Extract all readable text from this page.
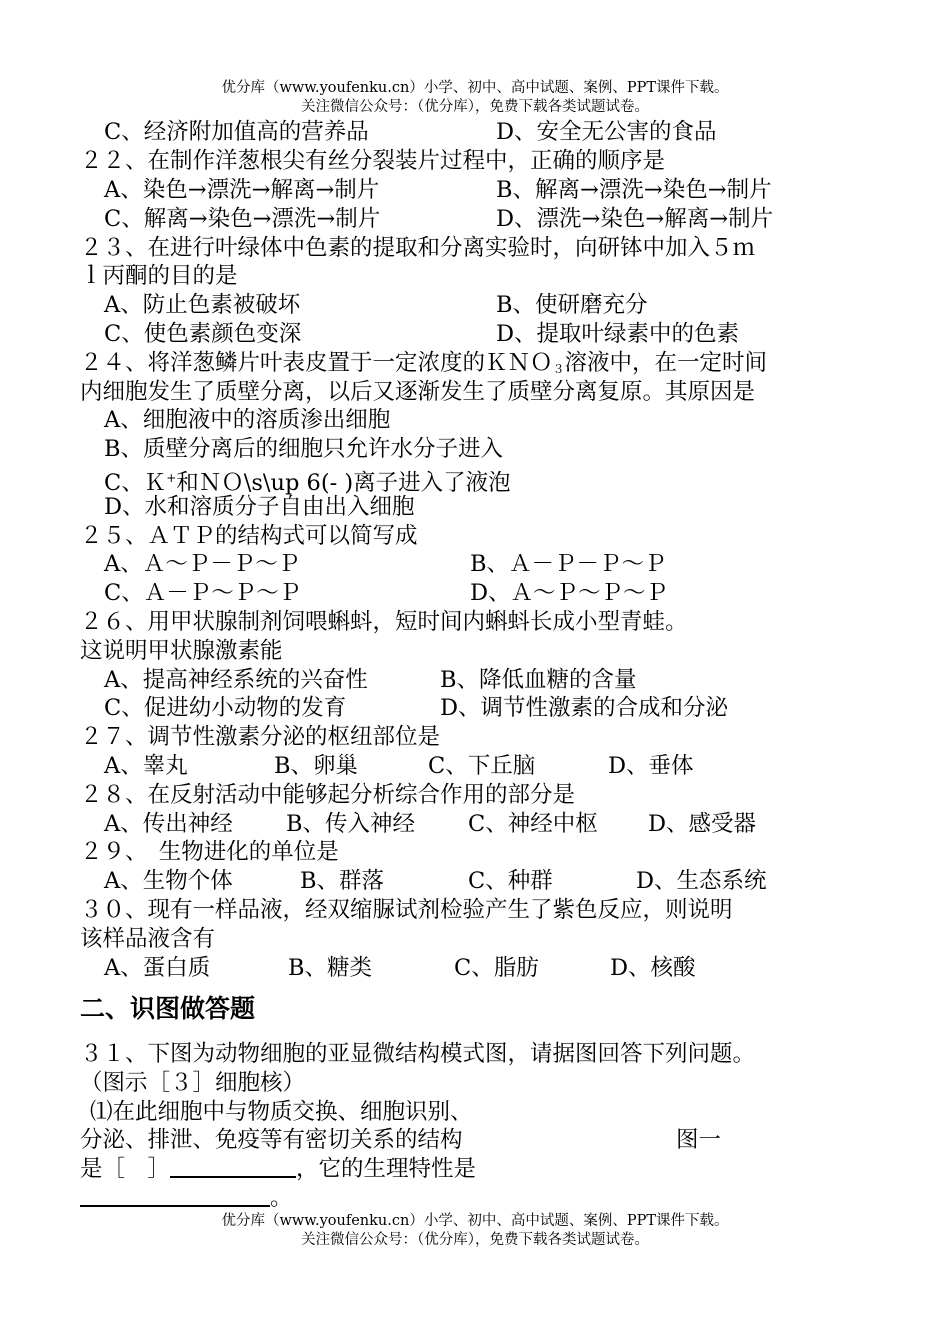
优分库（www.youfenku.cn）小学、初中、高中试题、案例、PPT课件下载。
关注微信公众号：（优分库），免费下载各类试题试卷。
C、经济附加值高的营养品	D、安全无公害的食品
２２、在制作洋葱根尖有丝分裂装片过程中，正确的顺序是
A、染色→漂洗→解离→制片	B、解离→漂洗→染色→制片
C、解离→染色→漂洗→制片	D、漂洗→染色→解离→制片
２３、在进行叶绿体中色素的提取和分离实验时，向研钵中加入５ｍ
ｌ丙酮的目的是
A、防止色素被破坏	B、使研磨充分
C、使色素颜色变深	D、提取叶绿素中的色素
２４、将洋葱鳞片叶表皮置于一定浓度的ＫＮＯ$_3$溶液中，在一定时间
内细胞发生了质壁分离，以后又逐渐发生了质壁分离复原。其原因是
A、细胞液中的溶质渗出细胞
B、质壁分离后的细胞只允许水分子进入
C、Ｋ+和ＮＯ\s\up 6(- )离子进入了液泡
D、水和溶质分子自由出入细胞
２５、ＡＴＰ的结构式可以简写成
A、Ａ～Ｐ－Ｐ～Ｐ	B、Ａ－Ｐ－Ｐ～Ｐ
C、Ａ－Ｐ～Ｐ～Ｐ	D、Ａ～Ｐ～Ｐ～Ｐ
２６、用甲状腺制剂饲喂蝌蚪，短时间内蝌蚪长成小型青蛙。
这说明甲状腺激素能
A、提高神经系统的兴奋性	B、降低血糖的含量
C、促进幼小动物的发育	D、调节性激素的合成和分泌
２７、调节性激素分泌的枢纽部位是
A、睾丸	B、卵巢	C、下丘脑	D、垂体
２８、在反射活动中能够起分析综合作用的部分是
A、传出神经 B、传入神经 C、神经中枢 D、感受器
２９、　生物进化的单位是
A、生物个体	B、群落	C、种群	D、生态系统
３０、现有一样品液，经双缩脲试剂检验产生了紫色反应，则说明
该样品液含有
A、蛋白质	B、糖类	C、脂肪	D、核酸
二、识图做答题
３１、下图为动物细胞的亚显微结构模式图，请据图回答下列问题。
（图示［３］细胞核）
⑴在此细胞中与物质交换、细胞识别、
分泌、排泄、免疫等有密切关系的结构	图一
是［　］	，它的生理特性是
。
优分库（www.youfenku.cn）小学、初中、高中试题、案例、PPT课件下载。
关注微信公众号：（优分库），免费下载各类试题试卷。
